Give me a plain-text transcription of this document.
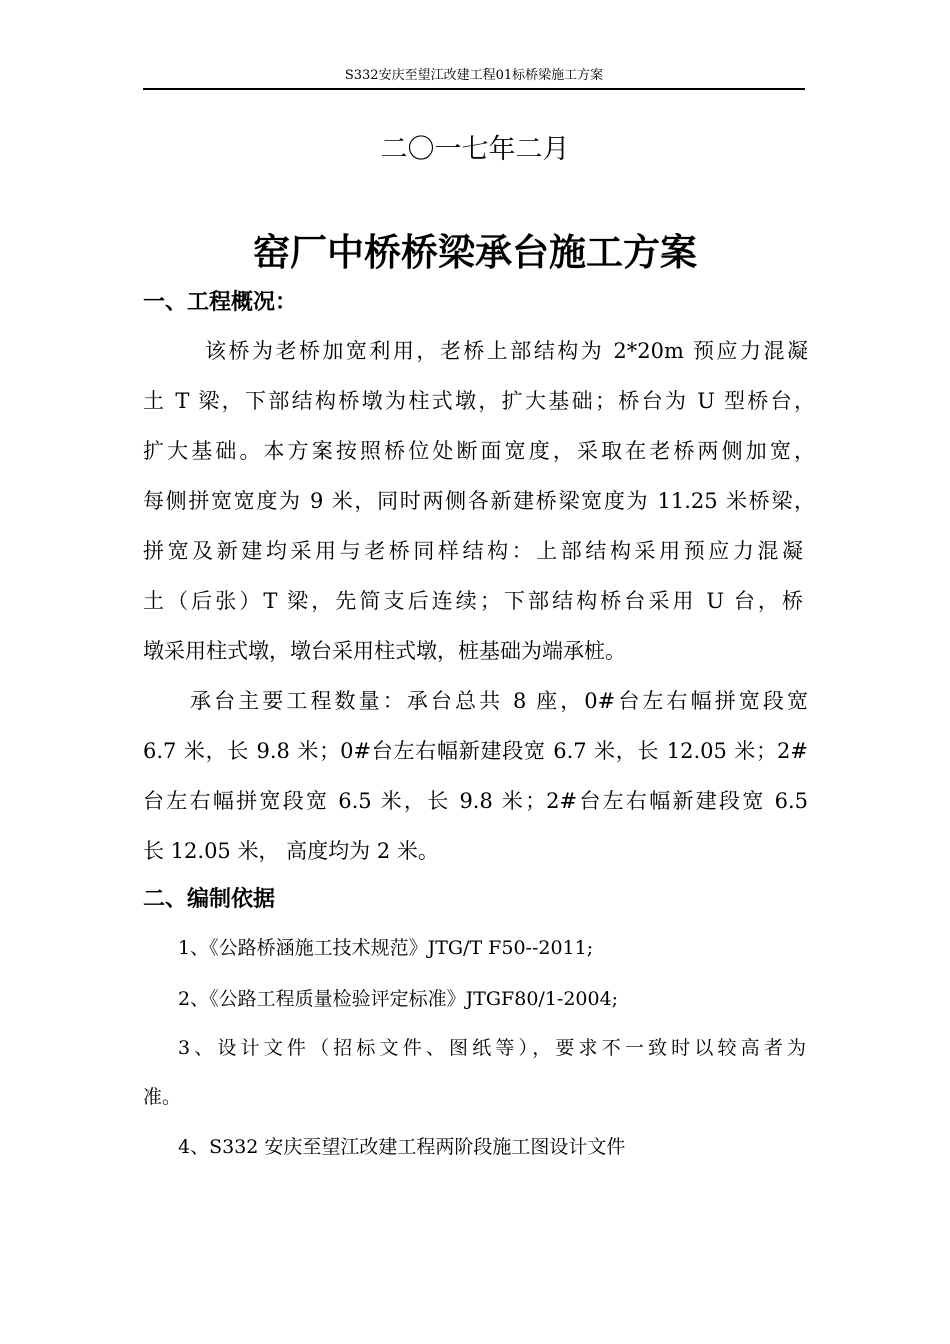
S332安庆至望江改建工程01标桥梁施工方案
二〇一七年二月
窑厂中桥桥梁承台施工方案
一、工程概况：
该桥为老桥加宽利用，老桥上部结构为 2*20m 预应力混凝
土 T 梁，下部结构桥墩为柱式墩，扩大基础；桥台为 U 型桥台，
扩大基础。本方案按照桥位处断面宽度，采取在老桥两侧加宽，
每侧拼宽宽度为 9 米，同时两侧各新建桥梁宽度为 11.25 米桥梁，
拼宽及新建均采用与老桥同样结构：上部结构采用预应力混凝
土（后张）T 梁，先简支后连续；下部结构桥台采用 U 台，桥
墩采用柱式墩，墩台采用柱式墩，桩基础为端承桩。
承台主要工程数量：承台总共 8 座，0#台左右幅拼宽段宽
6.7 米，长 9.8 米；0#台左右幅新建段宽 6.7 米，长 12.05 米；2#
台左右幅拼宽段宽 6.5 米，长 9.8 米；2#台左右幅新建段宽 6.5
长 12.05 米， 高度均为 2 米。
二、编制依据
1、《公路桥涵施工技术规范》JTG/T F50--2011;
2、《公路工程质量检验评定标准》JTGF80/1-2004;
3、设计文件（招标文件、图纸等），要求不一致时以较高者为
准。
4、S332 安庆至望江改建工程两阶段施工图设计文件
